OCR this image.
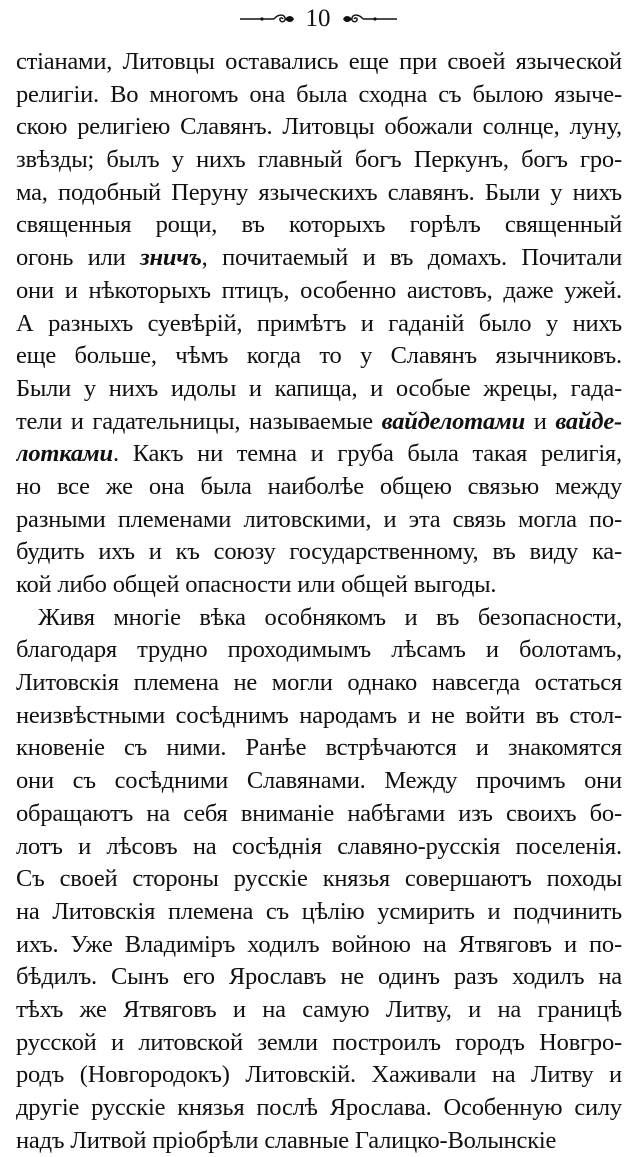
10
стіанами, Литовцы оставались еще при своей языческой
религіи. Во многомъ она была сходна съ былою языче-
скою религіею Славянъ. Литовцы обожали солнце, луну,
звѣзды; былъ у нихъ главный богъ Перкунъ, богъ гро-
ма, подобный Перуну языческихъ славянъ. Были у нихъ
священныя рощи, въ которыхъ горѣлъ священный
огонь или зничъ, почитаемый и въ домахъ. Почитали
они и нѣкоторыхъ птицъ, особенно аистовъ, даже ужей.
А разныхъ суевѣрій, примѣтъ и гаданій было у нихъ
еще больше, чѣмъ когда то у Славянъ язычниковъ.
Были у нихъ идолы и капища, и особые жрецы, гада-
тели и гадательницы, называемые вайделотами и вайде-
лотками. Какъ ни темна и груба была такая религія,
но все же она была наиболѣе общею связью между
разными племенами литовскими, и эта связь могла по-
будить ихъ и къ союзу государственному, въ виду ка-
кой либо общей опасности или общей выгоды.
Живя многіе вѣка особнякомъ и въ безопасности,
благодаря трудно проходимымъ лѣсамъ и болотамъ,
Литовскія племена не могли однако навсегда остаться
неизвѣстными сосѣднимъ народамъ и не войти въ стол-
кновеніе съ ними. Ранѣе встрѣчаются и знакомятся
они съ сосѣдними Славянами. Между прочимъ они
обращаютъ на себя вниманіе набѣгами изъ своихъ бо-
лотъ и лѣсовъ на сосѣднія славяно-русскія поселенія.
Съ своей стороны русскіе князья совершаютъ походы
на Литовскія племена съ цѣлію усмирить и подчинить
ихъ. Уже Владиміръ ходилъ войною на Ятвяговъ и по-
бѣдилъ. Сынъ его Ярославъ не одинъ разъ ходилъ на
тѣхъ же Ятвяговъ и на самую Литву, и на границѣ
русской и литовской земли построилъ городъ Новгро-
родъ (Новгородокъ) Литовскій. Хаживали на Литву и
другіе русскіе князья послѣ Ярослава. Особенную силу
надъ Литвой пріобрѣли славные Галицко-Волынскіе
